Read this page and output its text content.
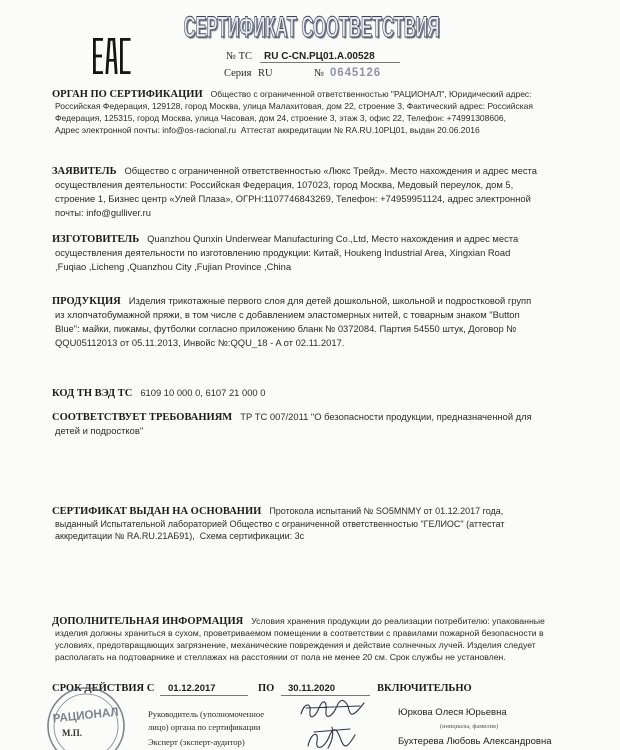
СЕРТИФИКАТ СООТВЕТСТВИЯ
СЕРТИФИКАТ СООТВЕТСТВИЯ
№ ТС	RU C-CN.РЦ01.А.00528
Серия RU	№ 0645126
ОРГАН ПО СЕРТИФИКАЦИИ Общество с ограниченной ответственностью "РАЦИОНАЛ", Юридический адрес:
Российская Федерация, 129128, город Москва, улица Малахитовая, дом 22, строение 3, Фактический адрес: Российская
Федерация, 125315, город Москва, улица Часовая, дом 24, строение 3, этаж 3, офис 22, Телефон: +74991308606,
Адрес электронной почты: info@os-racional.ru  Аттестат аккредитации № RA.RU.10РЦ01, выдан 20.06.2016
ЗАЯВИТЕЛЬ Общество с ограниченной ответственностью «Люкс Трейд». Место нахождения и адрес места
осуществления деятельности: Российская Федерация, 107023, город Москва, Медовый переулок, дом 5,
строение 1, Бизнес центр «Улей Плаза», ОГРН:1107746843269, Телефон: +74959951124, адрес электронной
почты: info@gulliver.ru
ИЗГОТОВИТЕЛЬ Quanzhou Qunxin Underwear Manufacturing Co.,Ltd, Место нахождения и адрес места
осуществления деятельности по изготовлению продукции: Китай, Houkeng Industrial Area, Xingxian Road
,Fuqiao ,Licheng ,Quanzhou City ,Fujian Province ,China
ПРОДУКЦИЯ Изделия трикотажные первого слоя для детей дошкольной, школьной и подростковой групп
из хлопчатобумажной пряжи, в том числе с добавлением эластомерных нитей, с товарным знаком "Button
Blue": майки, пижамы, футболки согласно приложению бланк № 0372084. Партия 54550 штук, Договор №
QQU05112013 от 05.11.2013, Инвойс №:QQU_18 - A от 02.11.2017.
КОД ТН ВЭД ТС 6109 10 000 0, 6107 21 000 0
СООТВЕТСТВУЕТ ТРЕБОВАНИЯМ ТР ТС 007/2011 "О безопасности продукции, предназначенной для
детей и подростков"
СЕРТИФИКАТ ВЫДАН НА ОСНОВАНИИ Протокола испытаний № SO5MNMY от 01.12.2017 года,
выданный Испытательной лабораторией Общество с ограниченной ответственностью "ГЕЛИОС" (аттестат
аккредитации № RA.RU.21АБ91),  Схема сертификации: 3с
ДОПОЛНИТЕЛЬНАЯ ИНФОРМАЦИЯ Условия хранения продукции до реализации потребителю: упакованные
изделия должны храниться в сухом, проветриваемом помещении в соответствии с правилами пожарной безопасности в
условиях, предотвращающих загрязнение, механические повреждения и действие солнечных лучей. Изделия следует
располагать на подтоварнике и стеллажах на расстоянии от пола не менее 20 см. Срок службы не установлен.
СРОК ДЕЙСТВИЯ С	01.12.2017	ПО	30.11.2020	ВКЛЮЧИТЕЛЬНО
М.П.
РАЦИОНАЛ	Руководитель (уполномоченное
лицо) органа по сертификации
Эксперт (эксперт-аудитор)
Юркова Олеся Юрьевна
(инициалы, фамилия)
Бухтерева Любовь Александровна
